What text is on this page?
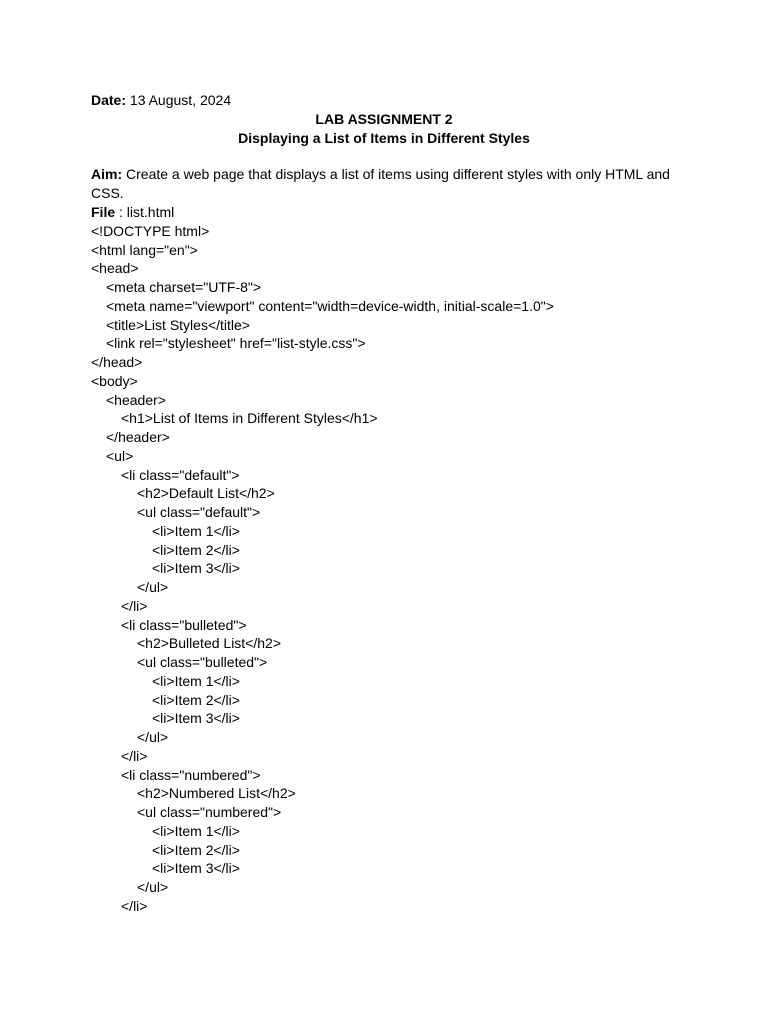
Date: 13 August, 2024
LAB ASSIGNMENT 2
Displaying a List of Items in Different Styles
Aim: Create a web page that displays a list of items using different styles with only HTML and CSS.
File : list.html
<!DOCTYPE html>
<html lang="en">
<head>
<meta charset="UTF-8">
<meta name="viewport" content="width=device-width, initial-scale=1.0">
<title>List Styles</title>
<link rel="stylesheet" href="list-style.css">
</head>
<body>
<header>
<h1>List of Items in Different Styles</h1>
</header>
<ul>
<li class="default">
<h2>Default List</h2>
<ul class="default">
<li>Item 1</li>
<li>Item 2</li>
<li>Item 3</li>
</ul>
</li>
<li class="bulleted">
<h2>Bulleted List</h2>
<ul class="bulleted">
<li>Item 1</li>
<li>Item 2</li>
<li>Item 3</li>
</ul>
</li>
<li class="numbered">
<h2>Numbered List</h2>
<ul class="numbered">
<li>Item 1</li>
<li>Item 2</li>
<li>Item 3</li>
</ul>
</li>
